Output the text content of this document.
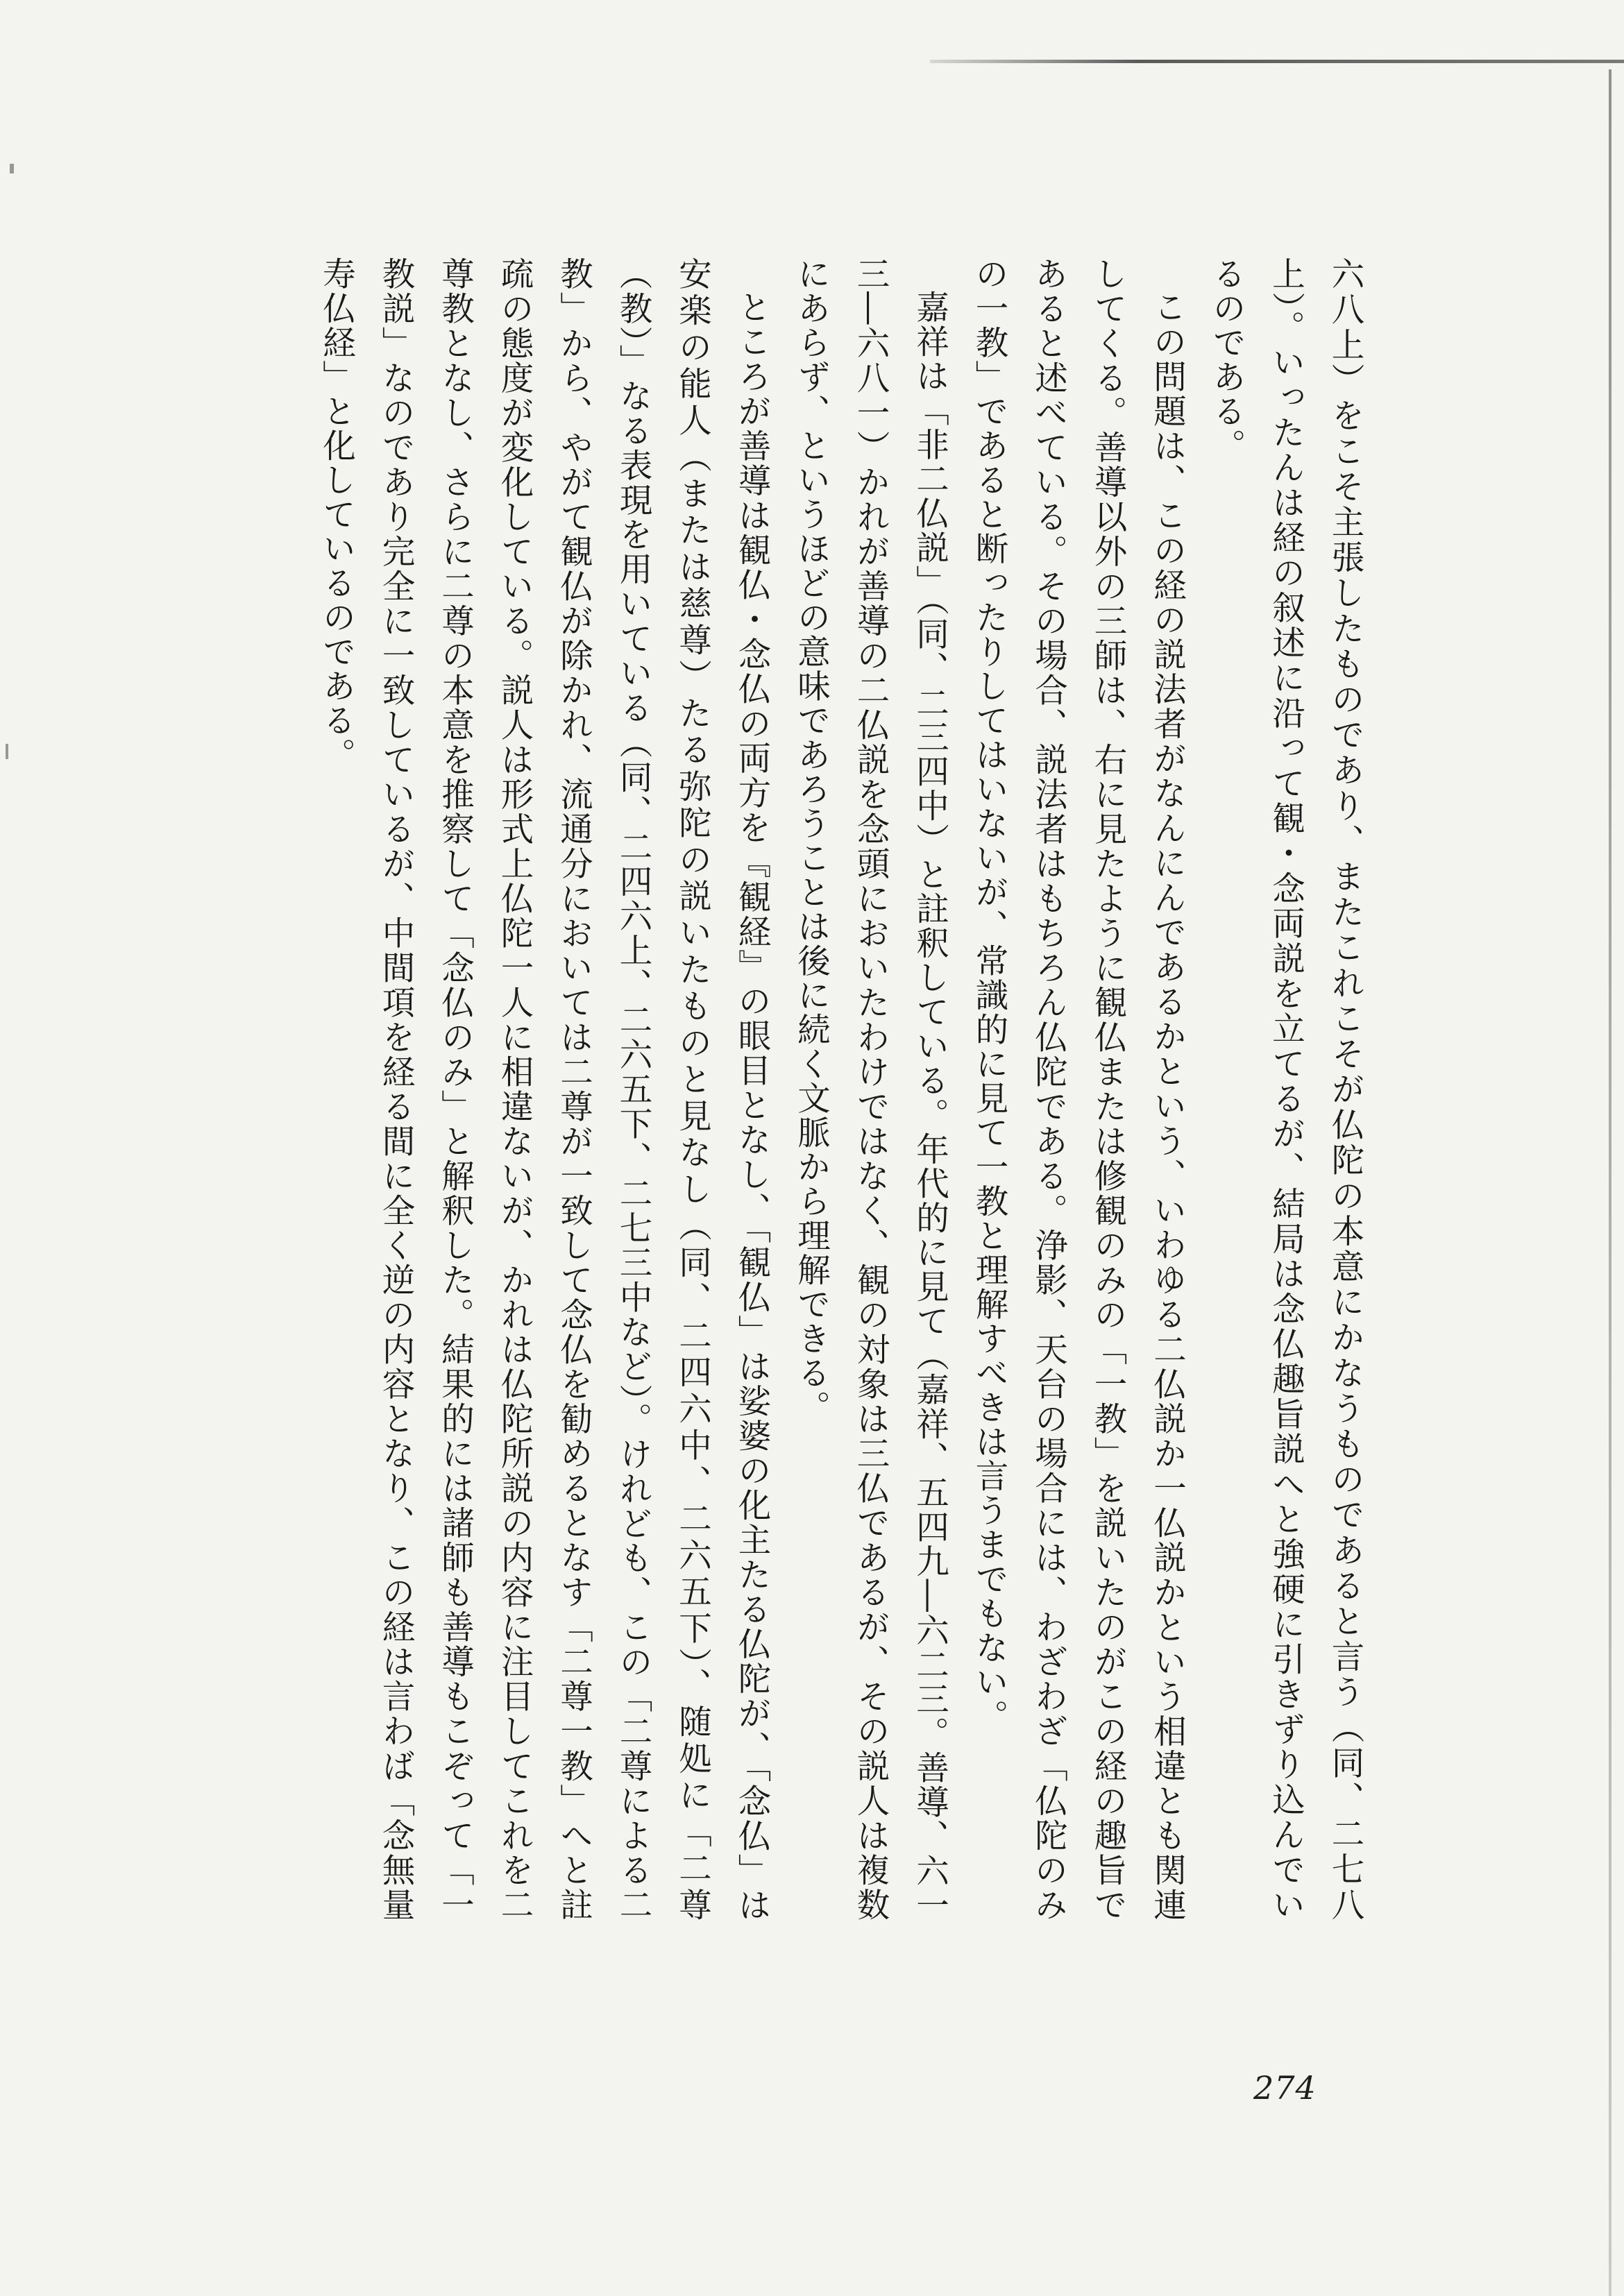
六八上）をこそ主張したものであり、またこれこそが仏陀の本意にかなうものであると言う（同、二七八上）。いったんは経の叙述に沿って観・念両説を立てるが、結局は念仏趣旨説へと強硬に引きずり込んでいるのである。

この問題は、この経の説法者がなんにんであるかという、いわゆる二仏説か一仏説かという相違とも関連してくる。善導以外の三師は、右に見たように観仏または修観のみの「一教」を説いたのがこの経の趣旨であると述べている。その場合、説法者はもちろん仏陀である。浄影、天台の場合には、わざわざ「仏陀のみの一教」であると断ったりしてはいないが、常識的に見て一教と理解すべきは言うまでもない。

嘉祥は「非二仏説」（同、二三四中）と註釈している。年代的に見て（嘉祥、五四九―六二三。善導、六一三―六八一）かれが善導の二仏説を念頭においたわけではなく、観の対象は三仏であるが、その説人は複数にあらず、というほどの意味であろうことは後に続く文脈から理解できる。

ところが善導は観仏・念仏の両方を『観経』の眼目となし、「観仏」は娑婆の化主たる仏陀が、「念仏」は安楽の能人（または慈尊）たる弥陀の説いたものと見なし（同、二四六中、二六五下）、随処に「二尊（教）」なる表現を用いている（同、二四六上、二六五下、二七三中など）。けれども、この「二尊による二教」から、やがて観仏が除かれ、流通分においては二尊が一致して念仏を勧めるとなす「二尊一教」へと註疏の態度が変化している。説人は形式上仏陀一人に相違ないが、かれは仏陀所説の内容に注目してこれを二尊教となし、さらに二尊の本意を推察して「念仏のみ」と解釈した。結果的には諸師も善導もこぞって「一教説」なのであり完全に一致しているが、中間項を経る間に全く逆の内容となり、この経は言わば「念無量寿仏経」と化しているのである。

274
